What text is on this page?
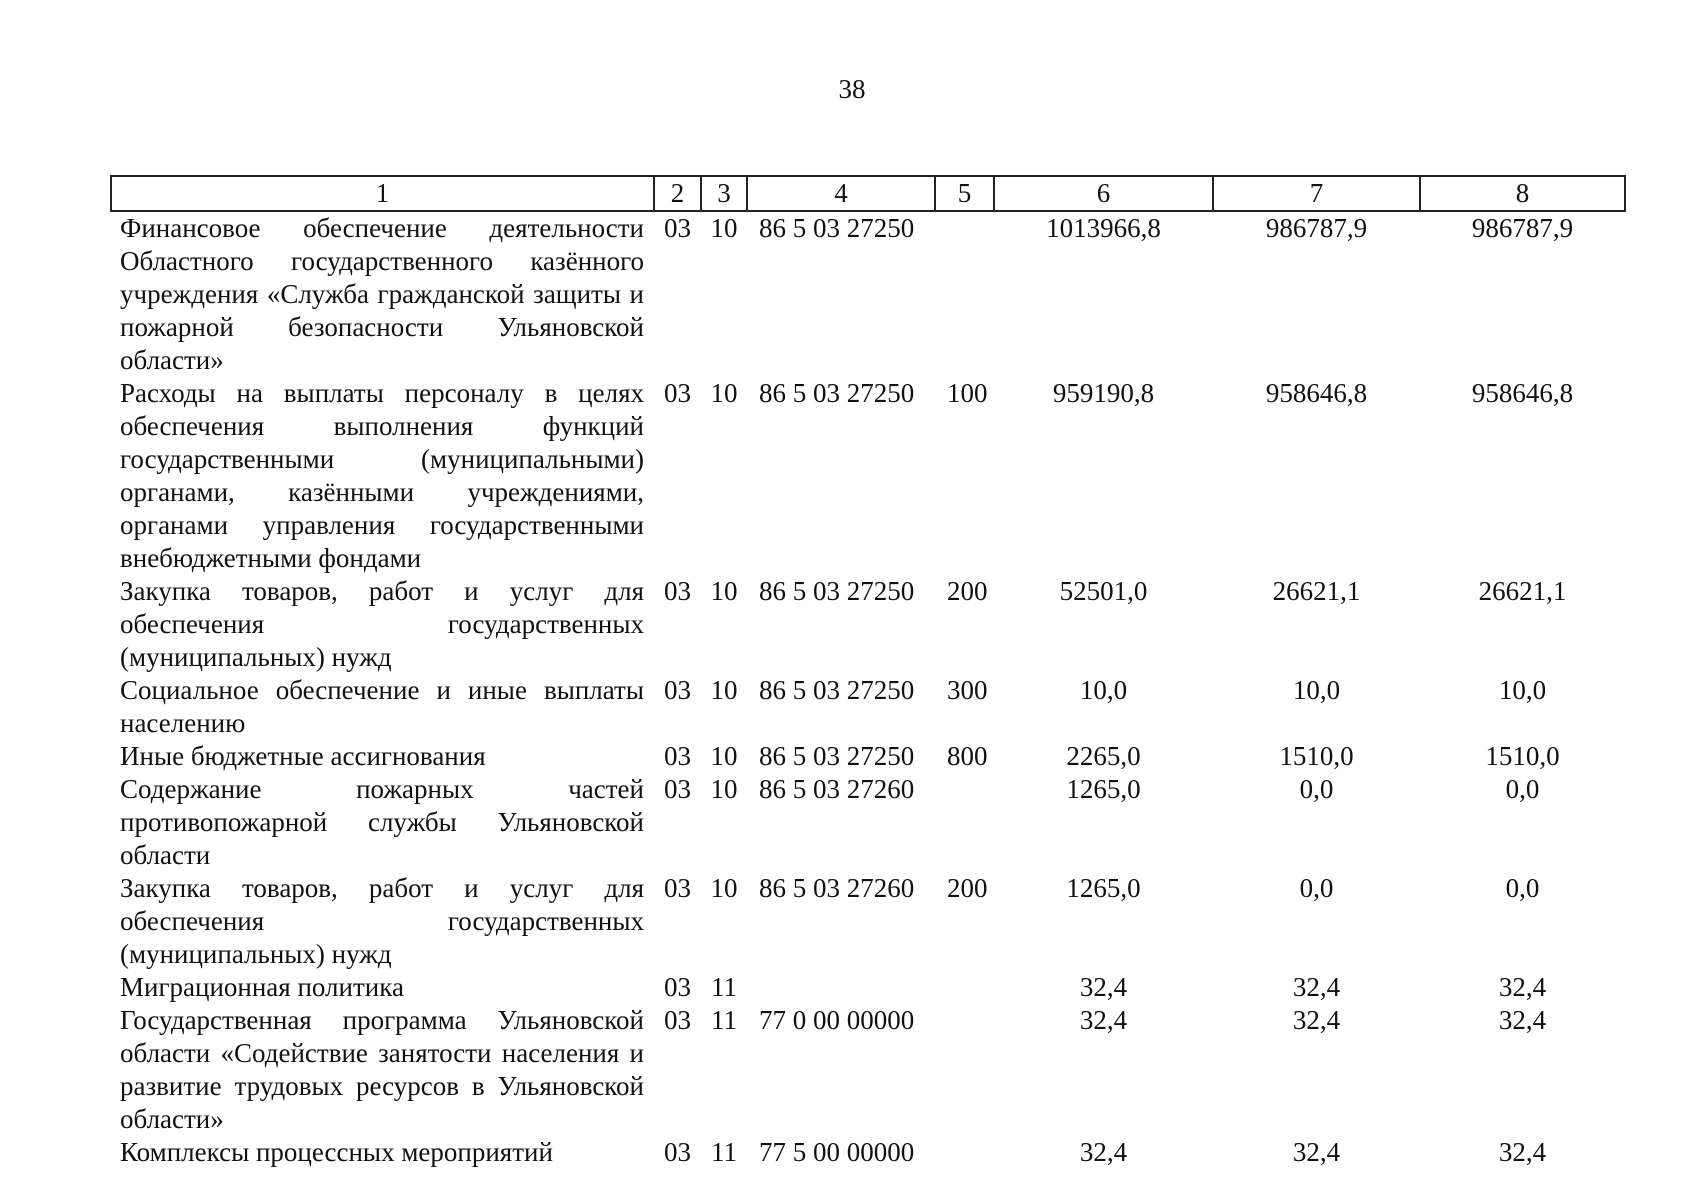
38
1	2	3	4	5	6	7	8
Финансовое обеспечение деятельности Областного государственного казённого учреждения «Служба гражданской защиты и пожарной безопасности Ульяновской области»	03	10	86 5 03 27250		1013966,8	986787,9	986787,9
Расходы на выплаты персоналу в целях обеспечения выполнения функций государственными (муниципальными) органами, казёнными учреждениями, органами управления государственными внебюджетными фондами	03	10	86 5 03 27250	100	959190,8	958646,8	958646,8
Закупка товаров, работ и услуг для обеспечения государственных (муниципальных) нужд	03	10	86 5 03 27250	200	52501,0	26621,1	26621,1
Социальное обеспечение и иные выплаты населению	03	10	86 5 03 27250	300	10,0	10,0	10,0
Иные бюджетные ассигнования	03	10	86 5 03 27250	800	2265,0	1510,0	1510,0
Содержание пожарных частей противопожарной службы Ульяновской области	03	10	86 5 03 27260		1265,0	0,0	0,0
Закупка товаров, работ и услуг для обеспечения государственных (муниципальных) нужд	03	10	86 5 03 27260	200	1265,0	0,0	0,0
Миграционная политика	03	11			32,4	32,4	32,4
Государственная программа Ульяновской области «Содействие занятости населения и развитие трудовых ресурсов в Ульяновской области»	03	11	77 0 00 00000		32,4	32,4	32,4
Комплексы процессных мероприятий	03	11	77 5 00 00000		32,4	32,4	32,4
